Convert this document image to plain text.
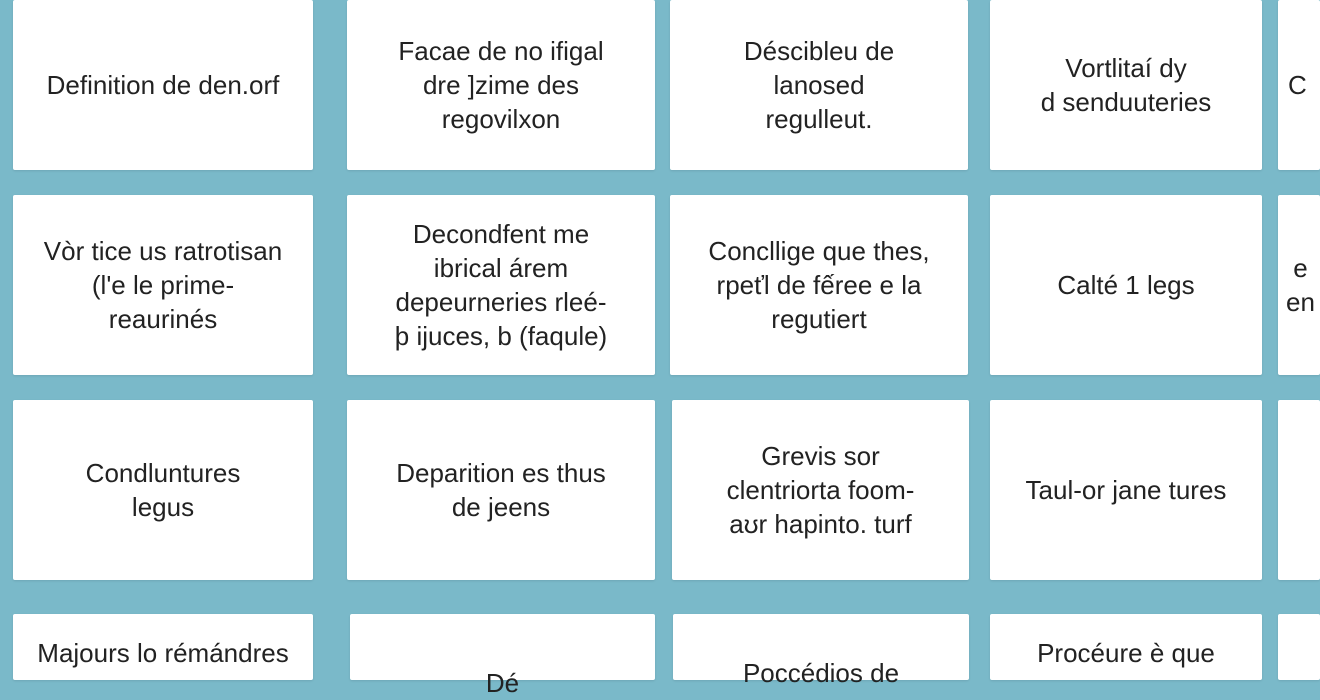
Definition de den.orf
Facae de no ifigal
dre ]zime des
regovilxon
Déscibleu de
lanosed
regulleut.
Vortlitaí dy
d senduuteries
C
Vòr tice us ratrotisan
(l'e le prime-
reaurinés
Decondfent me
ibrical árem
depeurneries rleé-
þ ijuces, b (faqule)
Concllige que thes,
rpeťl de fếree e la
regutiert
Calté 1 legs
e
en
Condluntures
legus
Deparition es thus
de jeens
Grevis sor
clentriorta foom-
aʊr hapinto. turf
Taul-or jane tures
Majours lo rémándres
Dé	Poccédios de
Procéure è que
